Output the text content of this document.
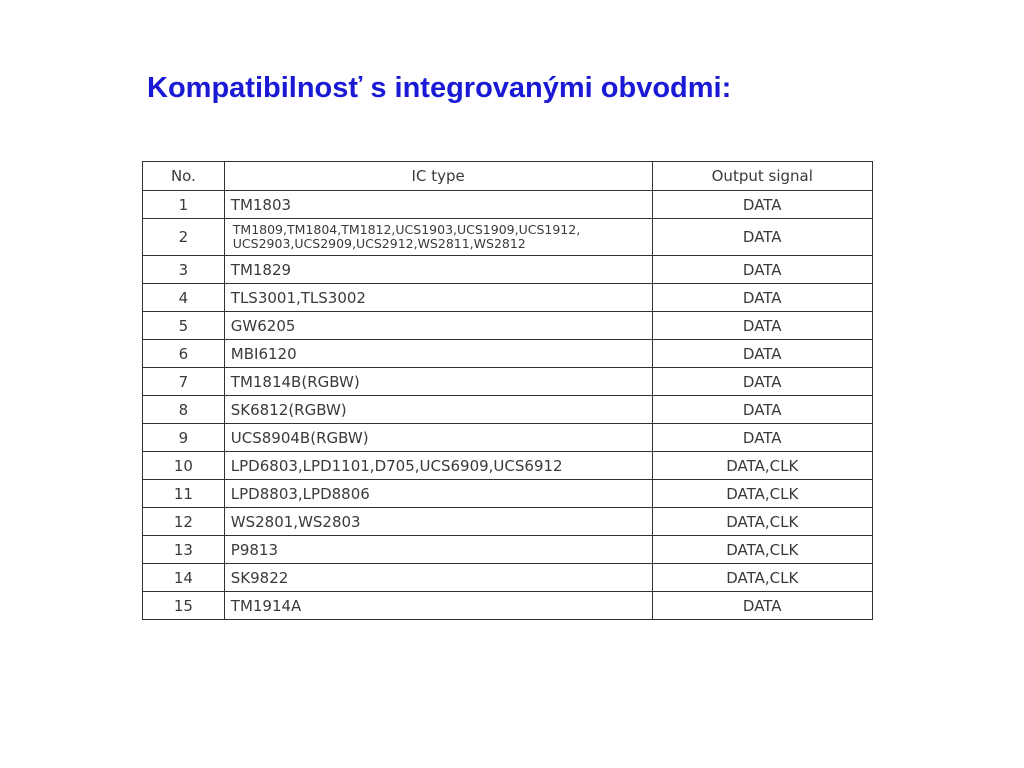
Kompatibilnosť s integrovanými obvodmi:
No.	IC type	Output signal
1	TM1803	DATA
2	TM1809,TM1804,TM1812,UCS1903,UCS1909,UCS1912,
UCS2903,UCS2909,UCS2912,WS2811,WS2812	DATA
3	TM1829	DATA
4	TLS3001,TLS3002	DATA
5	GW6205	DATA
6	MBI6120	DATA
7	TM1814B(RGBW)	DATA
8	SK6812(RGBW)	DATA
9	UCS8904B(RGBW)	DATA
10	LPD6803,LPD1101,D705,UCS6909,UCS6912	DATA,CLK
11	LPD8803,LPD8806	DATA,CLK
12	WS2801,WS2803	DATA,CLK
13	P9813	DATA,CLK
14	SK9822	DATA,CLK
15	TM1914A	DATA
